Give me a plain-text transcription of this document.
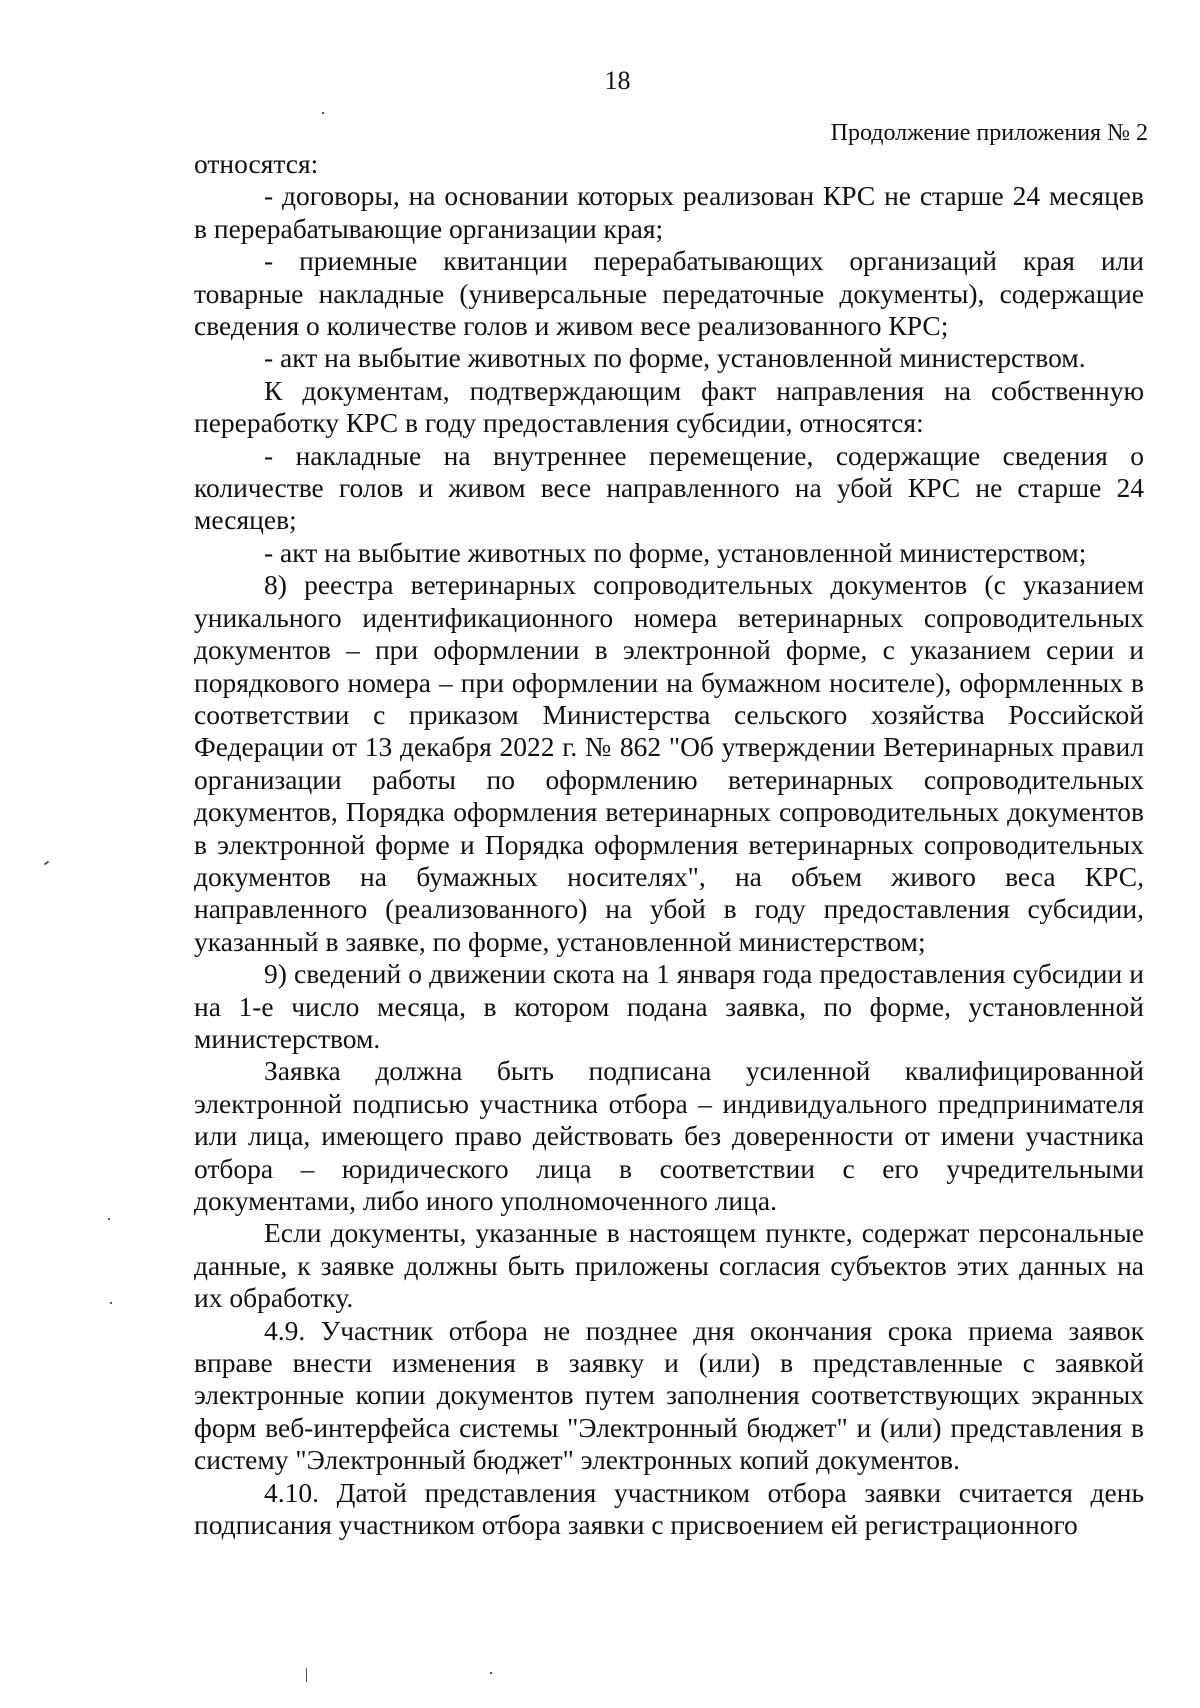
18
Продолжение приложения № 2

относятся:

- договоры, на основании которых реализован КРС не старше 24 месяцев в перерабатывающие организации края;

- приемные квитанции перерабатывающих организаций края или товарные накладные (универсальные передаточные документы), содержащие сведения о количестве голов и живом весе реализованного КРС;

- акт на выбытие животных по форме, установленной министерством.

К документам, подтверждающим факт направления на собственную переработку КРС в году предоставления субсидии, относятся:

- накладные на внутреннее перемещение, содержащие сведения о количестве голов и живом весе направленного на убой КРС не старше 24 месяцев;

- акт на выбытие животных по форме, установленной министерством;

8) реестра ветеринарных сопроводительных документов (с указанием уникального идентификационного номера ветеринарных сопроводительных документов – при оформлении в электронной форме, с указанием серии и порядкового номера – при оформлении на бумажном носителе), оформленных в соответствии с приказом Министерства сельского хозяйства Российской Федерации от 13 декабря 2022 г. № 862 "Об утверждении Ветеринарных правил организации работы по оформлению ветеринарных сопроводительных документов, Порядка оформления ветеринарных сопроводительных документов в электронной форме и Порядка оформления ветеринарных сопроводительных документов на бумажных носителях", на объем живого веса КРС, направленного (реализованного) на убой в году предоставления субсидии, указанный в заявке, по форме, установленной министерством;

9) сведений о движении скота на 1 января года предоставления субсидии и на 1-е число месяца, в котором подана заявка, по форме, установленной министерством.

Заявка должна быть подписана усиленной квалифицированной электронной подписью участника отбора – индивидуального предпринимателя или лица, имеющего право действовать без доверенности от имени участника отбора – юридического лица в соответствии с его учредительными документами, либо иного уполномоченного лица.

Если документы, указанные в настоящем пункте, содержат персональные данные, к заявке должны быть приложены согласия субъектов этих данных на их обработку.

4.9. Участник отбора не позднее дня окончания срока приема заявок вправе внести изменения в заявку и (или) в представленные с заявкой электронные копии документов путем заполнения соответствующих экранных форм веб-интерфейса системы "Электронный бюджет" и (или) представления в систему "Электронный бюджет" электронных копий документов.

4.10. Датой представления участником отбора заявки считается день подписания участником отбора заявки с присвоением ей регистрационного
